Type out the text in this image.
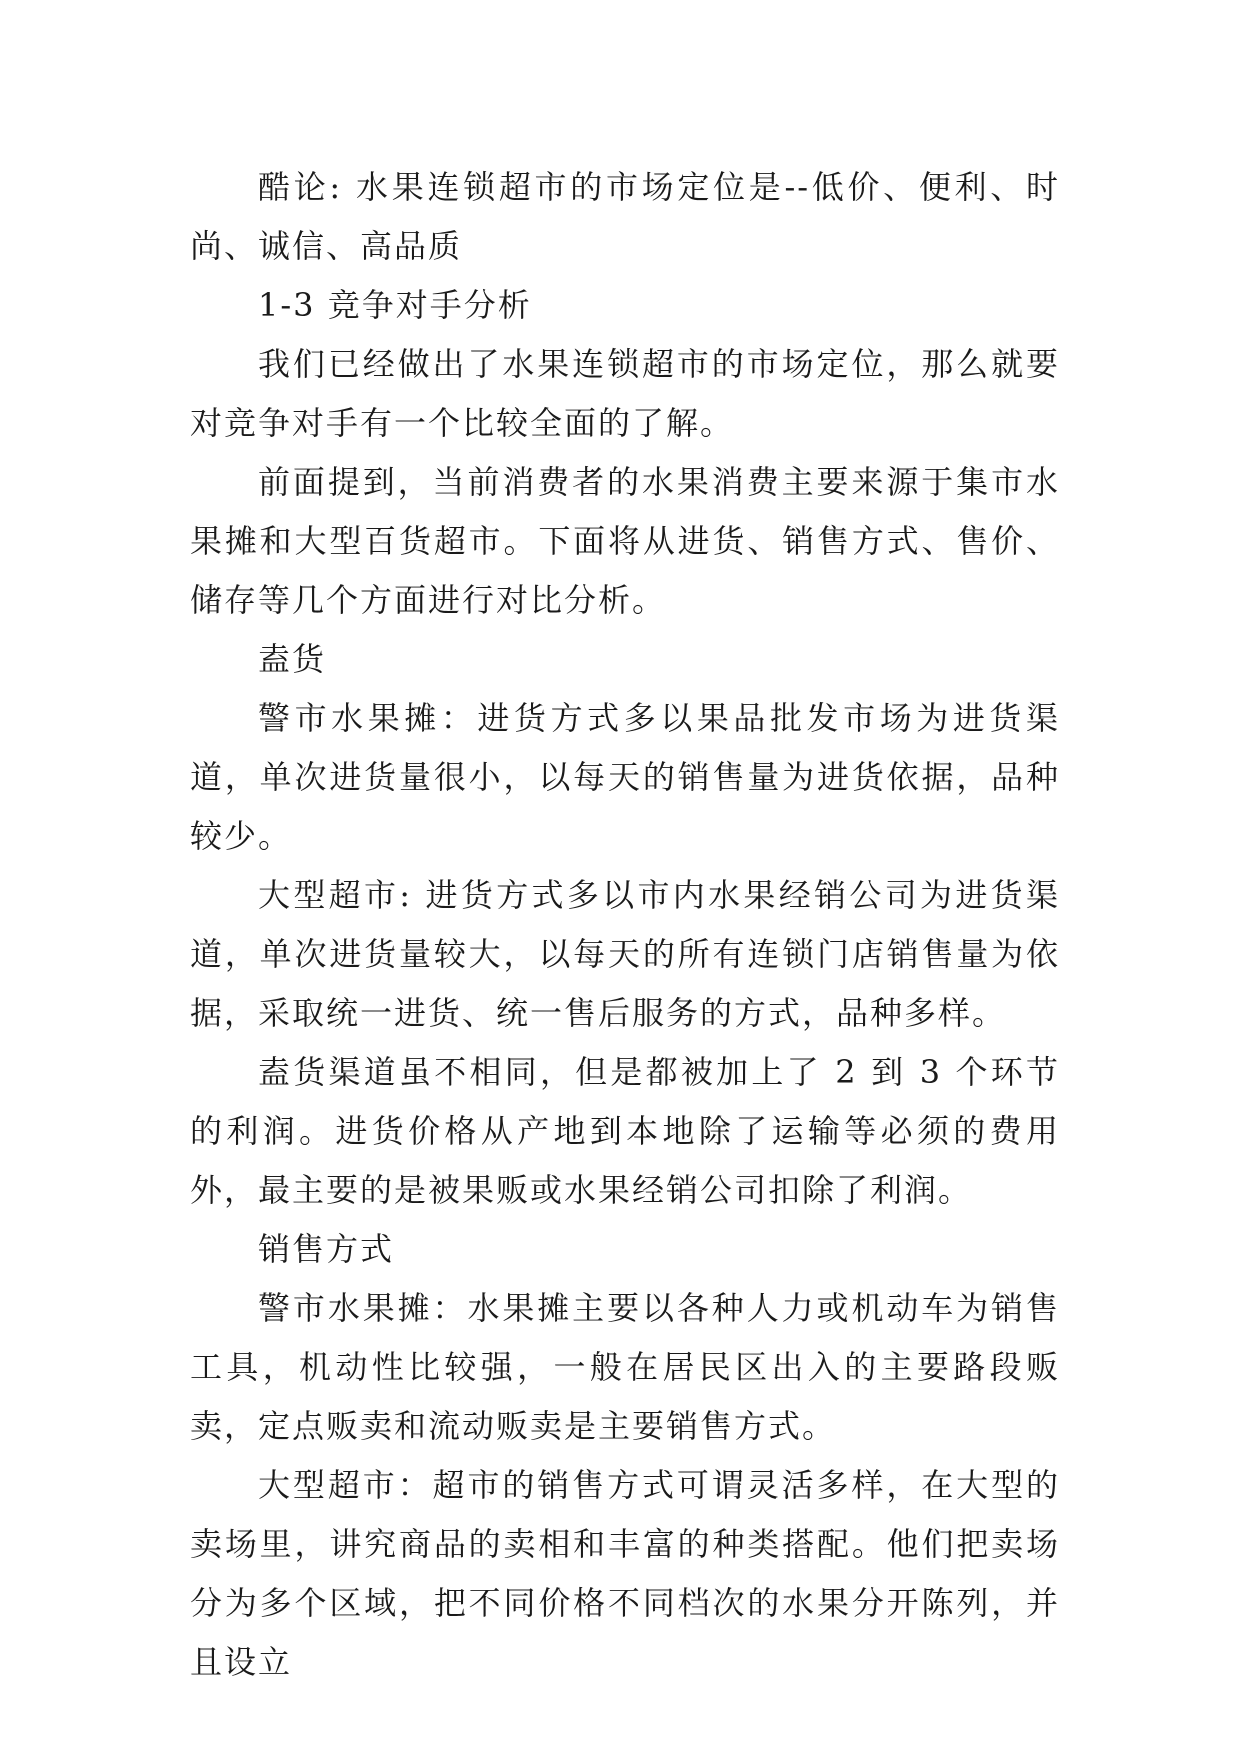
酷论: 水果连锁超市的市场定位是--低价、便利、时尚、诚信、高品质

1-3 竞争对手分析

我们已经做出了水果连锁超市的市场定位，那么就要对竞争对手有一个比较全面的了解。

前面提到，当前消费者的水果消费主要来源于集市水果摊和大型百货超市。下面将从进货、销售方式、售价、储存等几个方面进行对比分析。

盍货

警市水果摊：进货方式多以果品批发市场为进货渠道，单次进货量很小，以每天的销售量为进货依据，品种较少。

大型超市: 进货方式多以市内水果经销公司为进货渠道，单次进货量较大，以每天的所有连锁门店销售量为依据，采取统一进货、统一售后服务的方式，品种多样。

盍货渠道虽不相同，但是都被加上了 2 到 3 个环节的利润。进货价格从产地到本地除了运输等必须的费用外，最主要的是被果贩或水果经销公司扣除了利润。

销售方式

警市水果摊：水果摊主要以各种人力或机动车为销售工具，机动性比较强，一般在居民区出入的主要路段贩卖，定点贩卖和流动贩卖是主要销售方式。

大型超市：超市的销售方式可谓灵活多样，在大型的卖场里，讲究商品的卖相和丰富的种类搭配。他们把卖场分为多个区域，把不同价格不同档次的水果分开陈列，并且设立
